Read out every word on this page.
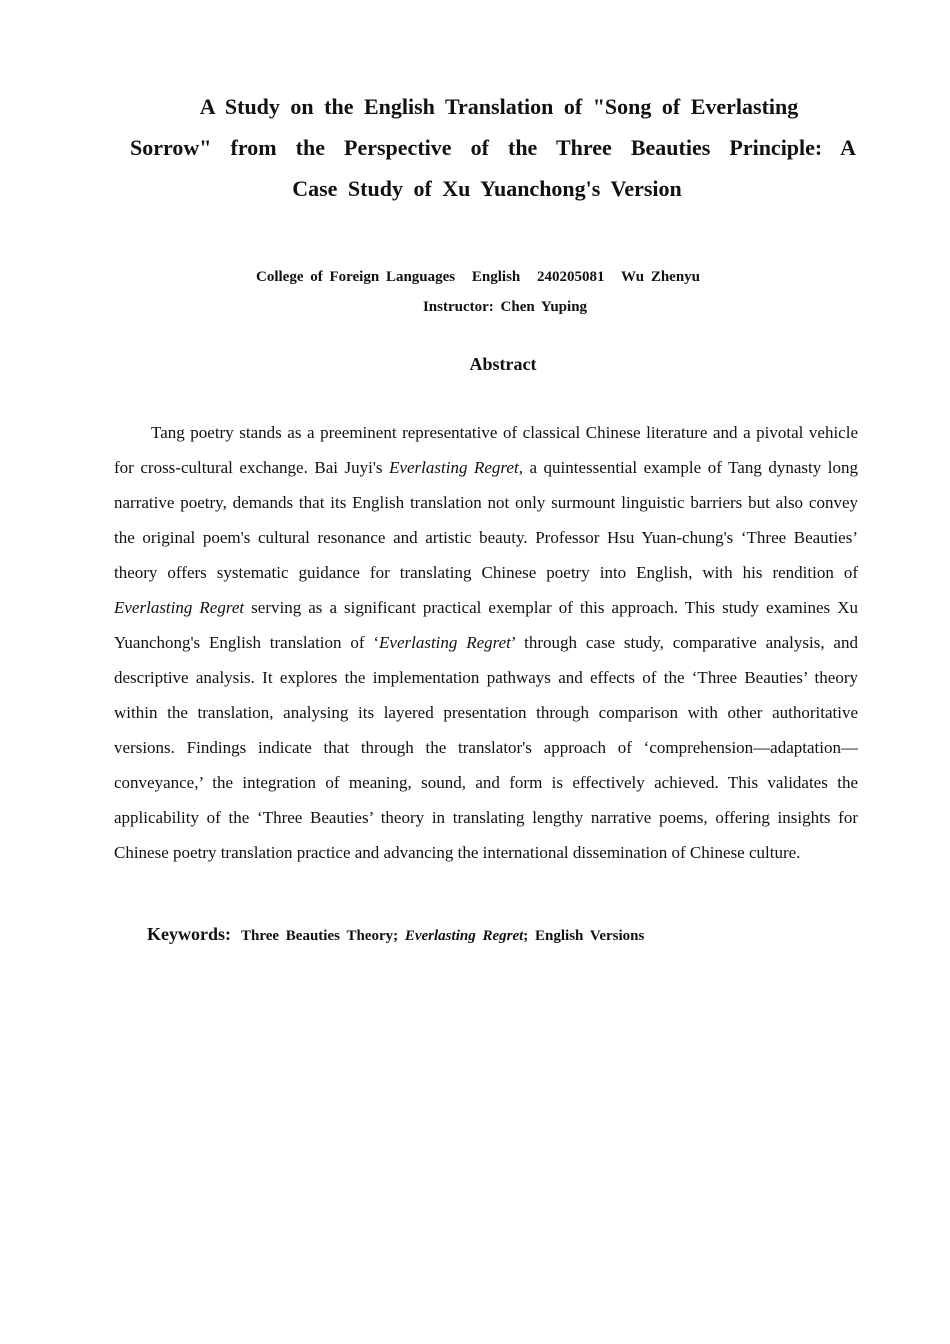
A Study on the English Translation of "Song of Everlasting
Sorrow" from the Perspective of the Three Beauties Principle: A
Case Study of Xu Yuanchong's Version
College of Foreign Languages English 240205081 Wu Zhenyu
Instructor: Chen Yuping
Abstract

Tang poetry stands as a preeminent representative of classical Chinese literature and a pivotal vehicle for cross-cultural exchange. Bai Juyi's Everlasting Regret, a quintessential example of Tang dynasty long narrative poetry, demands that its English translation not only surmount linguistic barriers but also convey the original poem's cultural resonance and artistic beauty. Professor Hsu Yuan-chung's ‘Three Beauties’ theory offers systematic guidance for translating Chinese poetry into English, with his rendition of Everlasting Regret serving as a significant practical exemplar of this approach. This study examines Xu Yuanchong's English translation of ‘Everlasting Regret’ through case study, comparative analysis, and descriptive analysis. It explores the implementation pathways and effects of the ‘Three Beauties’ theory within the translation, analysing its layered presentation through comparison with other authoritative versions. Findings indicate that through the translator's approach of ‘comprehension—adaptation—conveyance,’ the integration of meaning, sound, and form is effectively achieved. This validates the applicability of the ‘Three Beauties’ theory in translating lengthy narrative poems, offering insights for Chinese poetry translation practice and advancing the international dissemination of Chinese culture.

Keywords: Three Beauties Theory; Everlasting Regret; English Versions
